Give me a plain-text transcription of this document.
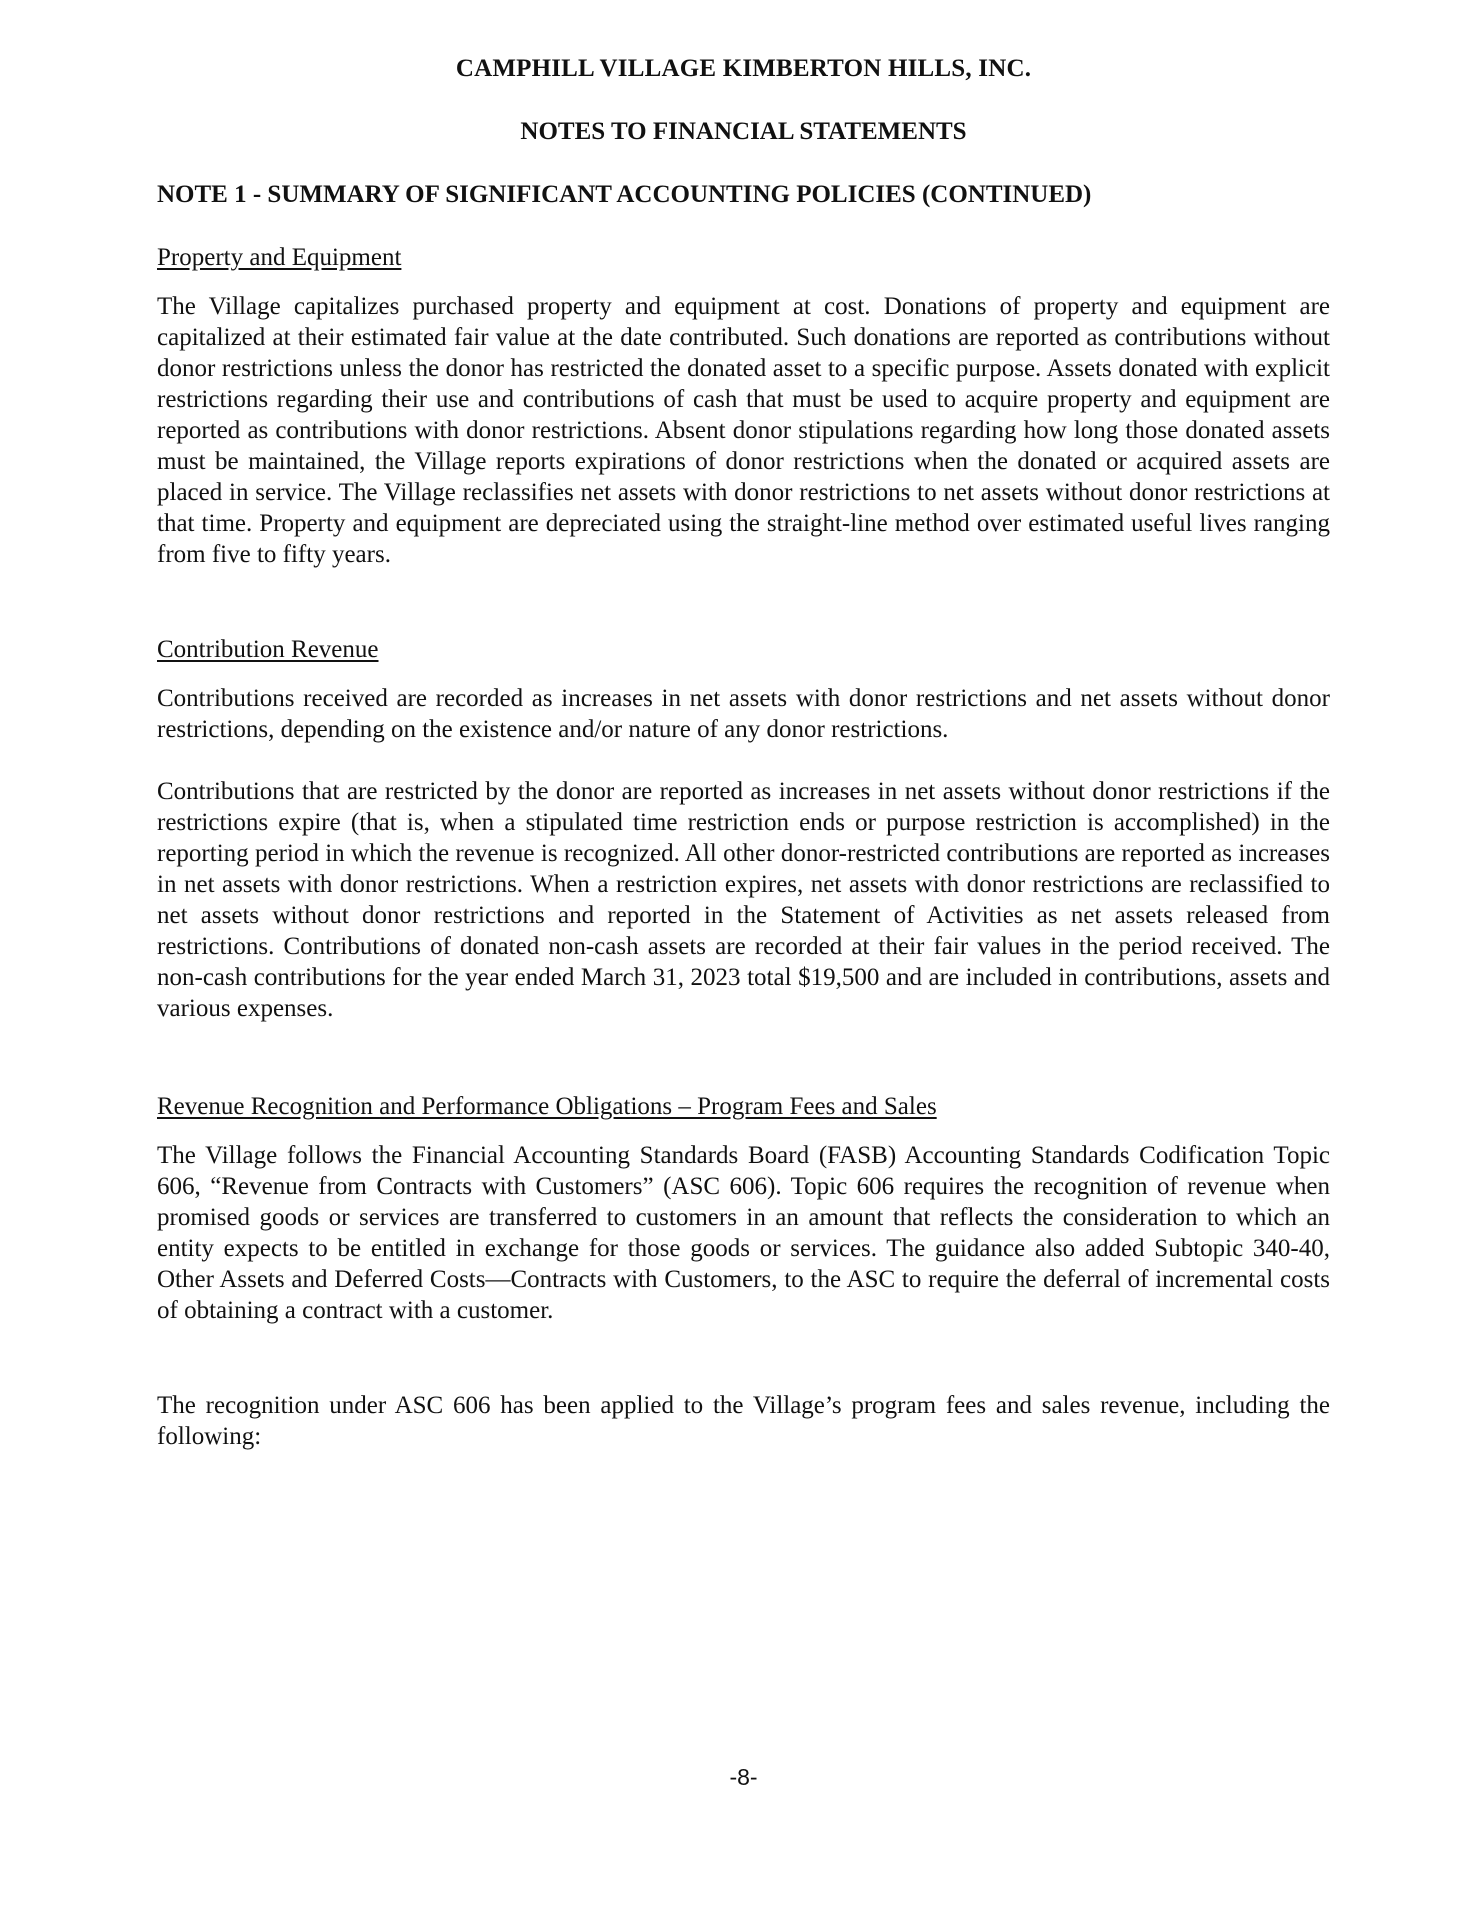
CAMPHILL VILLAGE KIMBERTON HILLS, INC.
NOTES TO FINANCIAL STATEMENTS
NOTE 1 - SUMMARY OF SIGNIFICANT ACCOUNTING POLICIES (CONTINUED)
Property and Equipment

The Village capitalizes purchased property and equipment at cost. Donations of property and equipment are capitalized at their estimated fair value at the date contributed. Such donations are reported as contributions without donor restrictions unless the donor has restricted the donated asset to a specific purpose. Assets donated with explicit restrictions regarding their use and contributions of cash that must be used to acquire property and equipment are reported as contributions with donor restrictions. Absent donor stipulations regarding how long those donated assets must be maintained, the Village reports expirations of donor restrictions when the donated or acquired assets are placed in service. The Village reclassifies net assets with donor restrictions to net assets without donor restrictions at that time. Property and equipment are depreciated using the straight-line method over estimated useful lives ranging from five to fifty years.

Contribution Revenue

Contributions received are recorded as increases in net assets with donor restrictions and net assets without donor restrictions, depending on the existence and/or nature of any donor restrictions.

Contributions that are restricted by the donor are reported as increases in net assets without donor restrictions if the restrictions expire (that is, when a stipulated time restriction ends or purpose restriction is accomplished) in the reporting period in which the revenue is recognized. All other donor-restricted contributions are reported as increases in net assets with donor restrictions. When a restriction expires, net assets with donor restrictions are reclassified to net assets without donor restrictions and reported in the Statement of Activities as net assets released from restrictions. Contributions of donated non-cash assets are recorded at their fair values in the period received. The non-cash contributions for the year ended March 31, 2023 total $19,500 and are included in contributions, assets and various expenses.

Revenue Recognition and Performance Obligations – Program Fees and Sales

The Village follows the Financial Accounting Standards Board (FASB) Accounting Standards Codification Topic 606, “Revenue from Contracts with Customers” (ASC 606). Topic 606 requires the recognition of revenue when promised goods or services are transferred to customers in an amount that reflects the consideration to which an entity expects to be entitled in exchange for those goods or services. The guidance also added Subtopic 340-40, Other Assets and Deferred Costs—Contracts with Customers, to the ASC to require the deferral of incremental costs of obtaining a contract with a customer.

The recognition under ASC 606 has been applied to the Village’s program fees and sales revenue, including the following:

-8-
